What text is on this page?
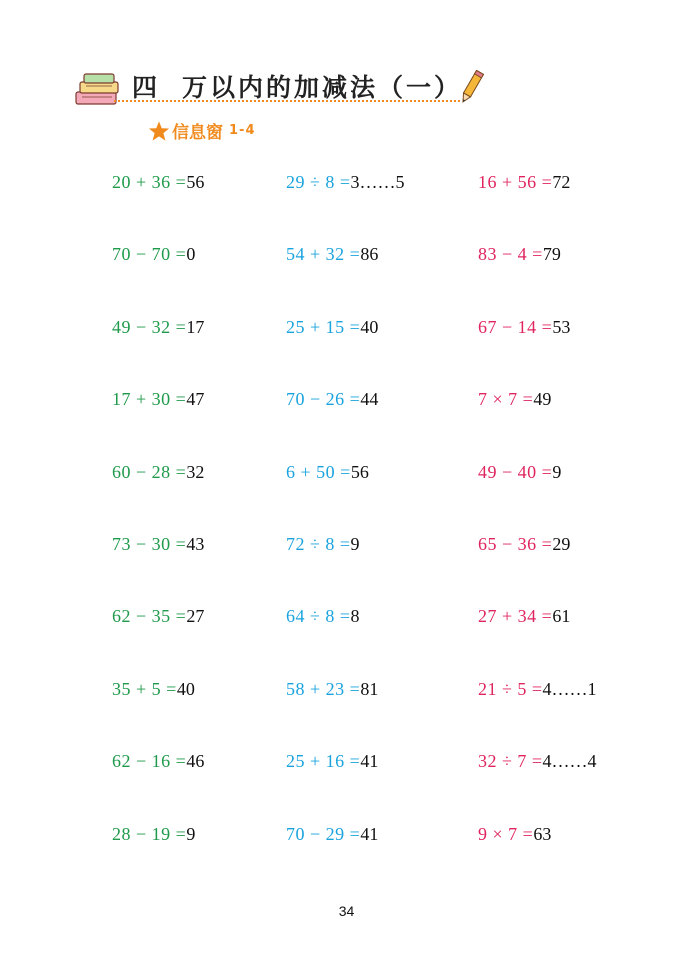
四 万以内的加减法（一）
信息窗 1-4
20 + 36 =56	29 ÷ 8 =3……5	16 + 56 =72
70 − 70 =0	54 + 32 =86	83 − 4 =79
49 − 32 =17	25 + 15 =40	67 − 14 =53
17 + 30 =47	70 − 26 =44	7 × 7 =49
60 − 28 =32	6 + 50 =56	49 − 40 =9
73 − 30 =43	72 ÷ 8 =9	65 − 36 =29
62 − 35 =27	64 ÷ 8 =8	27 + 34 =61
35 + 5 =40	58 + 23 =81	21 ÷ 5 =4……1
62 − 16 =46	25 + 16 =41	32 ÷ 7 =4……4
28 − 19 =9	70 − 29 =41	9 × 7 =63
34
